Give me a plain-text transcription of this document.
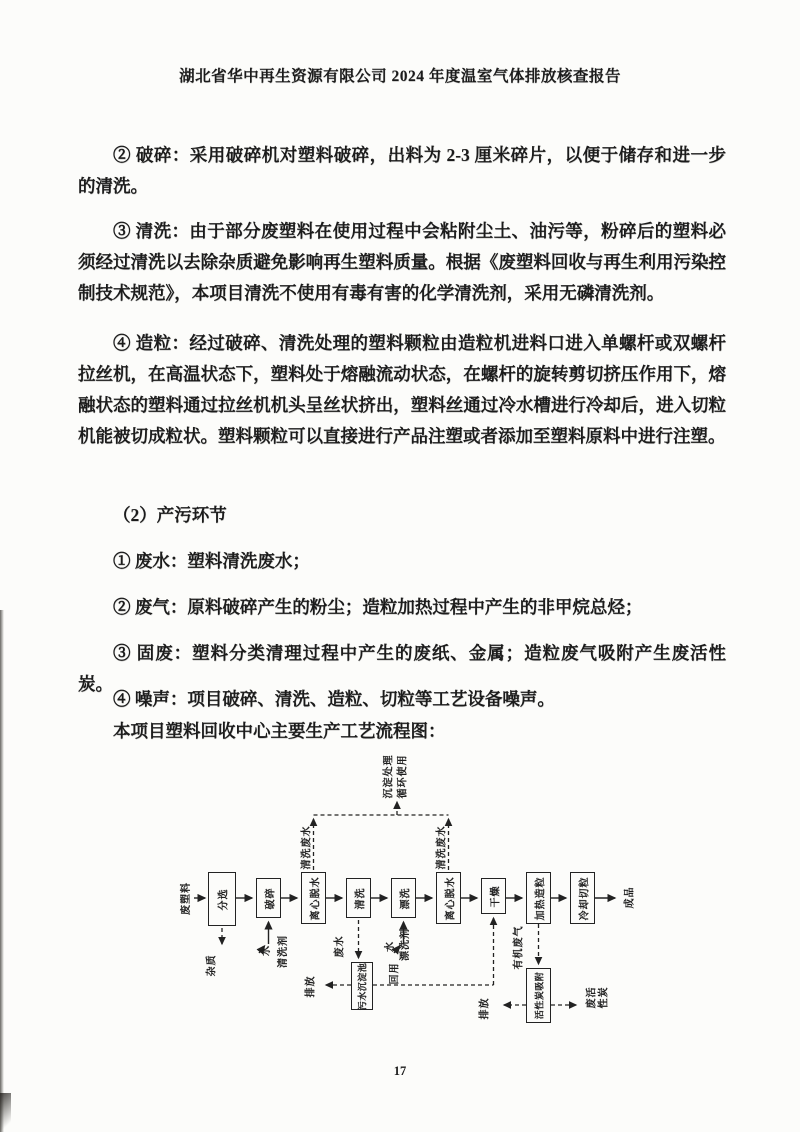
湖北省华中再生资源有限公司 2024 年度温室气体排放核查报告

② 破碎：采用破碎机对塑料破碎，出料为 2-3 厘米碎片，以便于储存和进一步的清洗。

③ 清洗：由于部分废塑料在使用过程中会粘附尘土、油污等，粉碎后的塑料必须经过清洗以去除杂质避免影响再生塑料质量。根据《废塑料回收与再生利用污染控制技术规范》，本项目清洗不使用有毒有害的化学清洗剂，采用无磷清洗剂。

④ 造粒：经过破碎、清洗处理的塑料颗粒由造粒机进料口进入单螺杆或双螺杆拉丝机，在高温状态下，塑料处于熔融流动状态，在螺杆的旋转剪切挤压作用下，熔融状态的塑料通过拉丝机机头呈丝状挤出，塑料丝通过冷水槽进行冷却后，进入切粒机能被切成粒状。塑料颗粒可以直接进行产品注塑或者添加至塑料原料中进行注塑。

（2）产污环节

① 废水：塑料清洗废水；

② 废气：原料破碎产生的粉尘；造粒加热过程中产生的非甲烷总烃；

③ 固废：塑料分类清理过程中产生的废纸、金属；造粒废气吸附产生废活性炭。

④ 噪声：项目破碎、清洗、造粒、切粒等工艺设备噪声。

本项目塑料回收中心主要生产工艺流程图：

分选	破碎	离心脱水	清洗	漂洗	离心脱水	干燥	加热造粒	冷却切粒
污水沉淀池	活性炭吸附
废塑料	成品
杂质
水 清洗剂
清洗废水	清洗废水
沉淀处理 循环使用
废水
排放
回用
水 漂洗剂	有机废气
排放	废活 性炭

17
